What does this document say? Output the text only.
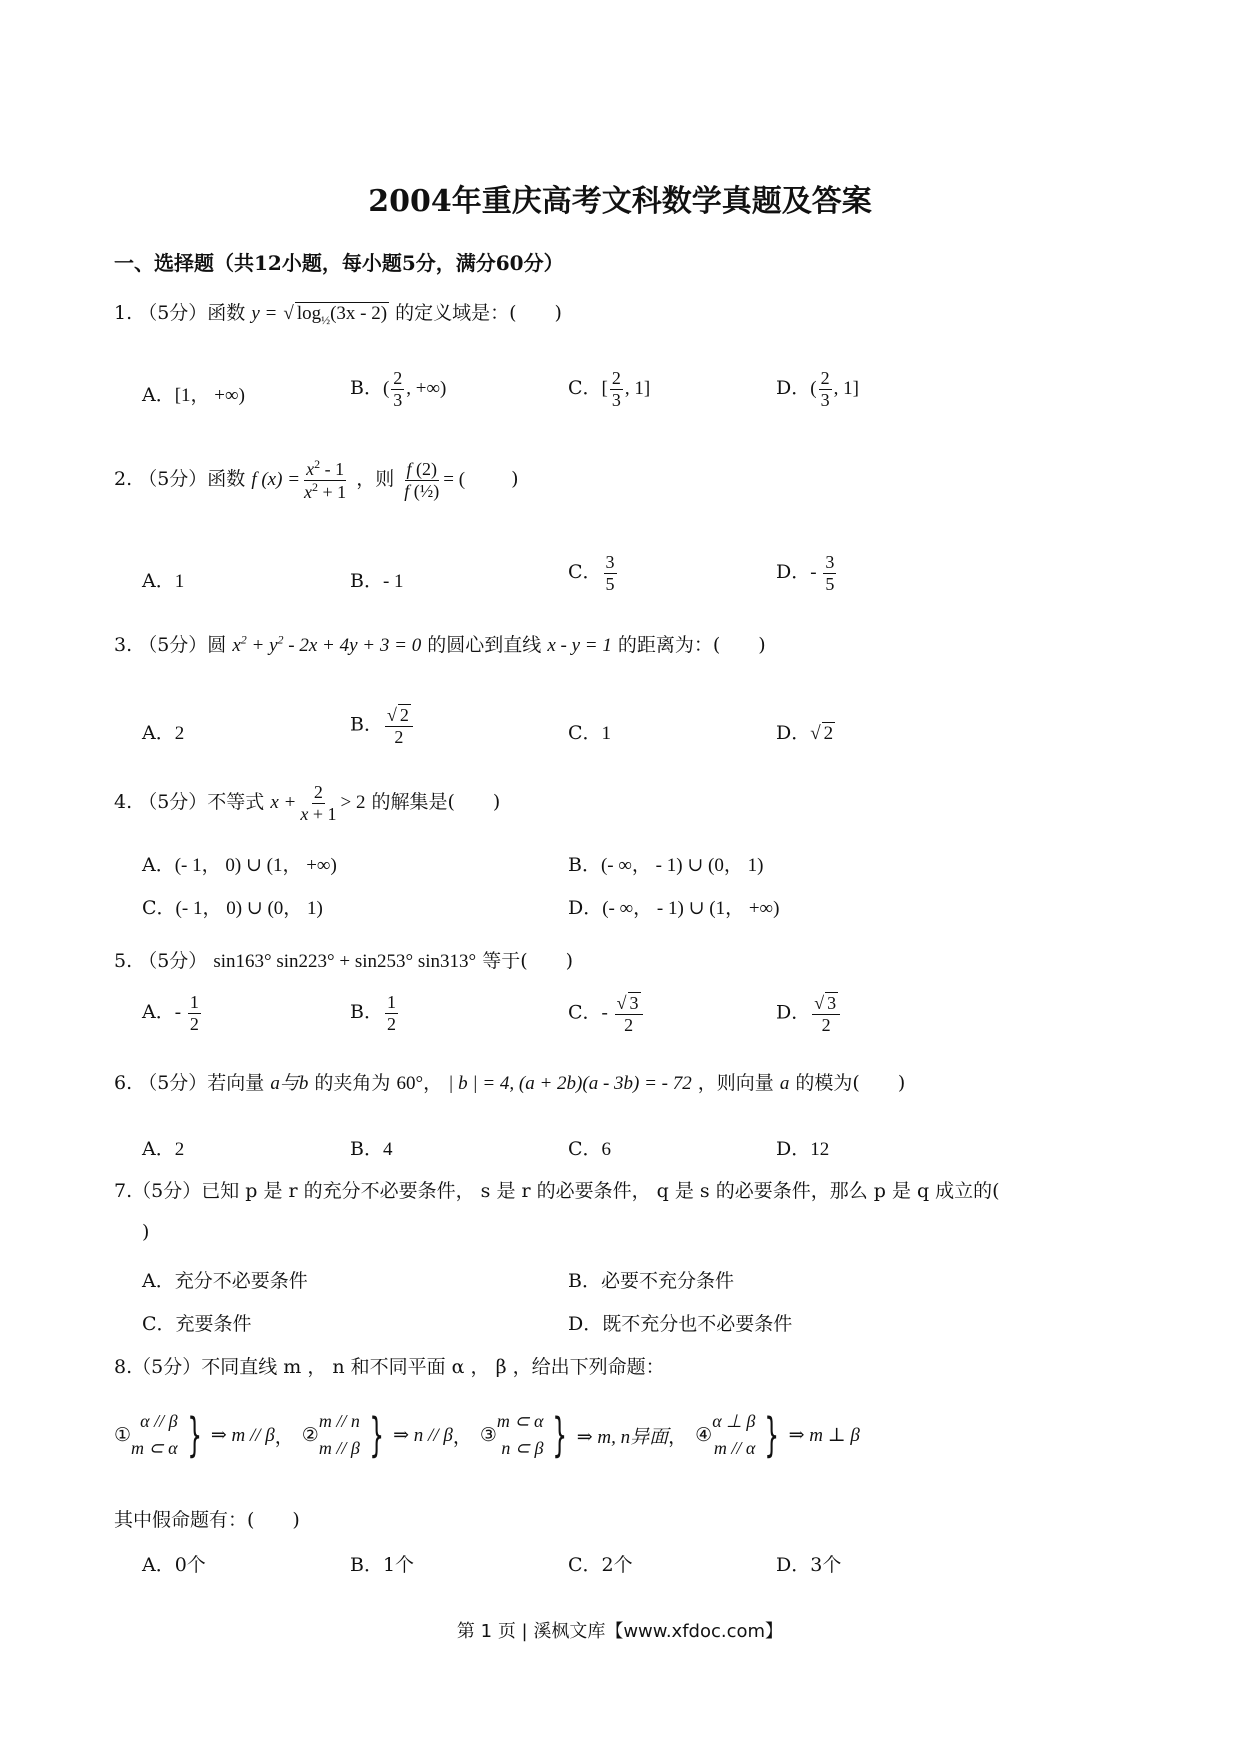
2004年重庆高考文科数学真题及答案
一、选择题（共12小题，每小题5分，满分60分）
1. （5分）函数 y = √ $\log_{\frac{1}{2}}(3x - 2)$ 的定义域是：(  )
A．[1， +∞)	B．( $\frac{2}{3}$ , +∞)	C．[ $\frac{2}{3}$ , 1]	D．( $\frac{2}{3}$ , 1]
2. （5分）函数 f $(x) = \frac{x^2 - 1}{x^2 + 1}$ ，则 $\frac{f (2)}{\text{f (½)}}$ = ( )
A．1	B．- 1	C． $\frac{3}{5}$	D．- $\frac{3}{5}$
3. （5分）圆 $x^2 + y^2 - 2x + 4y + 3 = 0$ 的圆心到直线 x - y = 1 的距离为：(  )
A．2	B． $\frac{√ 2}{2}$	C．1	D．√ 2
4. （5分）不等式 $x + \frac{2}{x + 1} > 2$ 的解集是(  )
A．(- 1， 0) ∪ (1， +∞)	B．(- ∞， - 1) ∪ (0， 1)
C．(- 1， 0) ∪ (0， 1)	D．(- ∞， - 1) ∪ (1， +∞)
5. （5分） sin163° sin223° + sin253° sin313° 等于(  )
A．- $\frac{1}{2}$	B． $\frac{1}{2}$	C．- $\frac{√ 3}{2}$	D． $\frac{√ 3}{2}$
6. （5分）若向量 a与b 的夹角为 60°， | b | = 4, (a + 2b)(a - 3b) = - 72 ，则向量 a 的模为(  )
A．2	B．4	C．6	D．12
7.（5分）已知 p 是 r 的充分不必要条件， s 是 r 的必要条件， q 是 s 的必要条件，那么 p 是 q 成立的(
)
A．充分不必要条件	B．必要不充分条件
C．充要条件	D．既不充分也不必要条件
8.（5分）不同直线 m ， n 和不同平面 α ， β ，给出下列命题：
①
α // β
m ⊂ α } ⇒ m // β ， ②
m // n
m // β } ⇒ n // β ， ③
m ⊂ α
n ⊂ β } ⇒ m, n异面 ， ④
α ⊥ β
m // α } ⇒ m ⊥ β
其中假命题有：(  )
A．0个	B．1个	C．2个	D．3个
第 1 页 | 溪枫文库【www.xfdoc.com】
